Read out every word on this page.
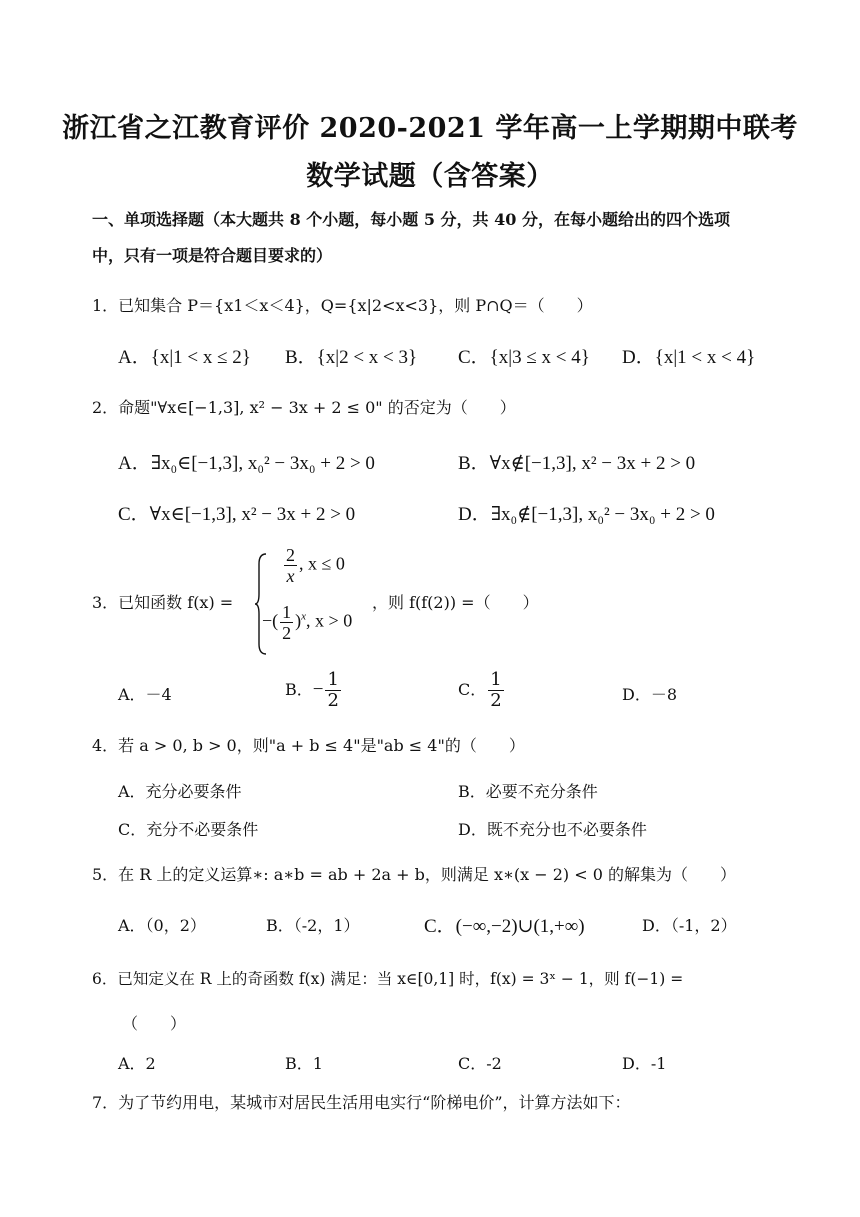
浙江省之江教育评价 2020-2021 学年高一上学期期中联考
数学试题（含答案）
一、单项选择题（本大题共 8 个小题，每小题 5 分，共 40 分，在每小题给出的四个选项
中，只有一项是符合题目要求的）
1．已知集合 P＝{x1＜x＜4}，Q={x|2<x<3}，则 P∩Q＝（　　）
A．{x|1 < x ≤ 2} B．{x|2 < x < 3} C．{x|3 ≤ x < 4} D．{x|1 < x < 4}
2．命题"∀x∈[−1,3], x² − 3x + 2 ≤ 0" 的否定为（　　）
A．∃x₀∈[−1,3], x₀² − 3x₀ + 2 > 0	B．∀x∉[−1,3], x² − 3x + 2 > 0
C．∀x∈[−1,3], x² − 3x + 2 > 0	D．∃x₀∉[−1,3], x₀² − 3x₀ + 2 > 0
3．已知函数 f(x) =
$\frac{2}{x}$ , x ≤ 0
−( $\frac{1}{2} )^x$, x > 0
，则 f(f(2)) =（　　）
A．－4	B．− $\frac{1}{2}$	C． $\frac{1}{2}$	D．－8
4．若 a > 0, b > 0，则"a + b ≤ 4"是"ab ≤ 4"的（　　）
A．充分必要条件	B．必要不充分条件
C．充分不必要条件	D．既不充分也不必要条件
5．在 R 上的定义运算∗: a∗b = ab + 2a + b，则满足 x∗(x − 2) < 0 的解集为（　　）
A．（0，2）	B．（-2，1）	C．(−∞,−2)∪(1,+∞)	D．（-1，2）
6．已知定义在 R 上的奇函数 f(x) 满足：当 x∈[0,1] 时，f(x) = 3ˣ − 1，则 f(−1) =
（　　）
A．2	B．1	C．-2	D．-1
7．为了节约用电，某城市对居民生活用电实行“阶梯电价”，计算方法如下：
